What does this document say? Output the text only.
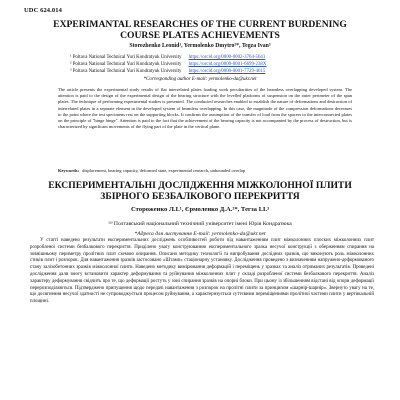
UDC 624.014
EXPERIMANTAL RESEARCHES OF THE CURRENT BURDENING COURSE PLATES ACHIEVEMENTS
Storozhenko Leonid¹, Yermolenko Dmytro²*, Tegza Ivan³
¹ Poltava National Technical Yuri Kondratyuk University https://orcid.org/0000-0002-3764-5641
² Poltava National Technical Yuri Kondratyuk University https://orcid.org/0000-0001-6699-238X
³ Poltava National Technical Yuri Kondratyuk University https://orcid.org/0000-0001-7729-4615
*Corresponding author E-mail: yermolenko-da@ukr.net

The article presents the experimental study results of flat interrelated plates loading work peculiarities of the beamless overlapping developed system. The attention is paid to the design of the experimental design of the bearing structure with the levelled platforms of suspension on the outer perimeter of the span plates. The technique of performing experimental studies is presented. The conducted researches enabled to establish the nature of deformations and destruction of interrelated plates in a separate element in the developed system of beamless overlapping. In this case, the magnitude of the compression deformations decreases to the point where the test specimens rest on the supporting blocks. It confirms the assumption of the transfer of load from the spacers to the interconnected plates on the principle of "hinge hinge". Attention is paid to the fact that the achievement of the bearing capacity is not accompanied by the process of destruction, but is characterized by significant movements of the flying part of the plate in the vertical plane.

Keywords: displacement, bearing capacity, deformed state, experimental research, unbounded overlap
ЕКСПЕРИМЕНТАЛЬНІ ДОСЛІДЖЕННЯ МІЖКОЛОННОЇ ПЛИТИ ЗБІРНОГО БЕЗБАЛКОВОГО ПЕРЕКРИТТЯ
Стороженко Л.І.¹, Єрмоленко Д.А.²*, Тегза І.І.³
¹ʲ³ Полтавський національний технічний університет імені Юрія Кондратюка
*Адреса для листування E-mail: yermolenko-da@ukr.net

У статті наведено результати експериментальних досліджень особливостей роботи під навантаженням плит міжколонних плоских міжколонних плит розробленої системи безбалкового перекриття. Приділено увагу конструюванню експериментального зразка несучої конструкції з оберженням спирання на зовнішньому периметру пролітних плит схемою опирання. Описано методику технології та випробування дослідних зразків, що виконують роль міжколонних стиків плит і розпорок. Для навантаження зразків застосовано «Штамп» стаціонарну установку. Дослідження проведено з визначенням напружено-деформованого стану залізобетонних зразків міжколонної плити. Наведено методику вимірювання деформацій і переміщень у зразках та аналіз отриманих результатів. Проведені дослідження дали змогу встановити характер деформування та руйнування міжколонних плит у складі розробленої системи безбалкового перекриття. Аналіз характеру деформування свідчить про те, що деформації ростуть у зоні спирання зразків на опорні блоки. При цьому із збільшенням відстані від опори деформації перерозподіляються. Підтверджено припущення щодо передачі навантаження з розпорок на пролітні плити за принципом «шарнір-шарнір». Звернуто увагу на те, що досягнення несучої здатності не супроводжується процесом руйнування, а характеризується суттєвими переміщеннями пролітної частини плити у вертикальній площині.
